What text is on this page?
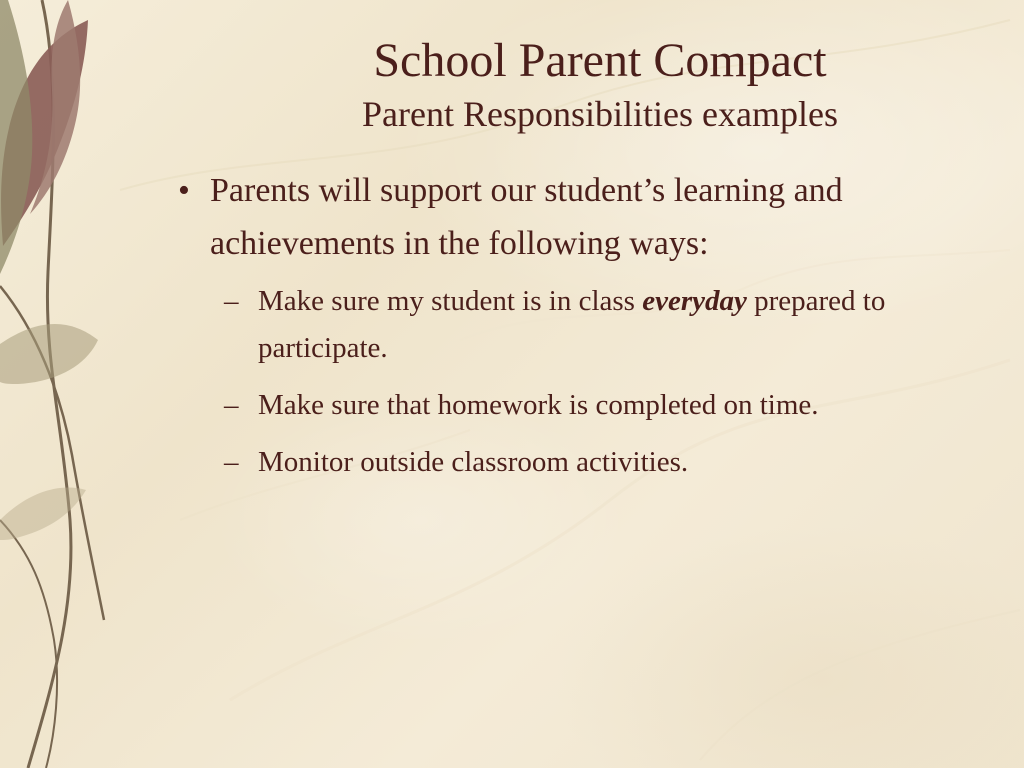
School Parent Compact
Parent Responsibilities examples
• Parents will support our student’s learning and achievements in the following ways:
– Make sure my student is in class everyday prepared to participate.
– Make sure that homework is completed on time.
– Monitor outside classroom activities.
